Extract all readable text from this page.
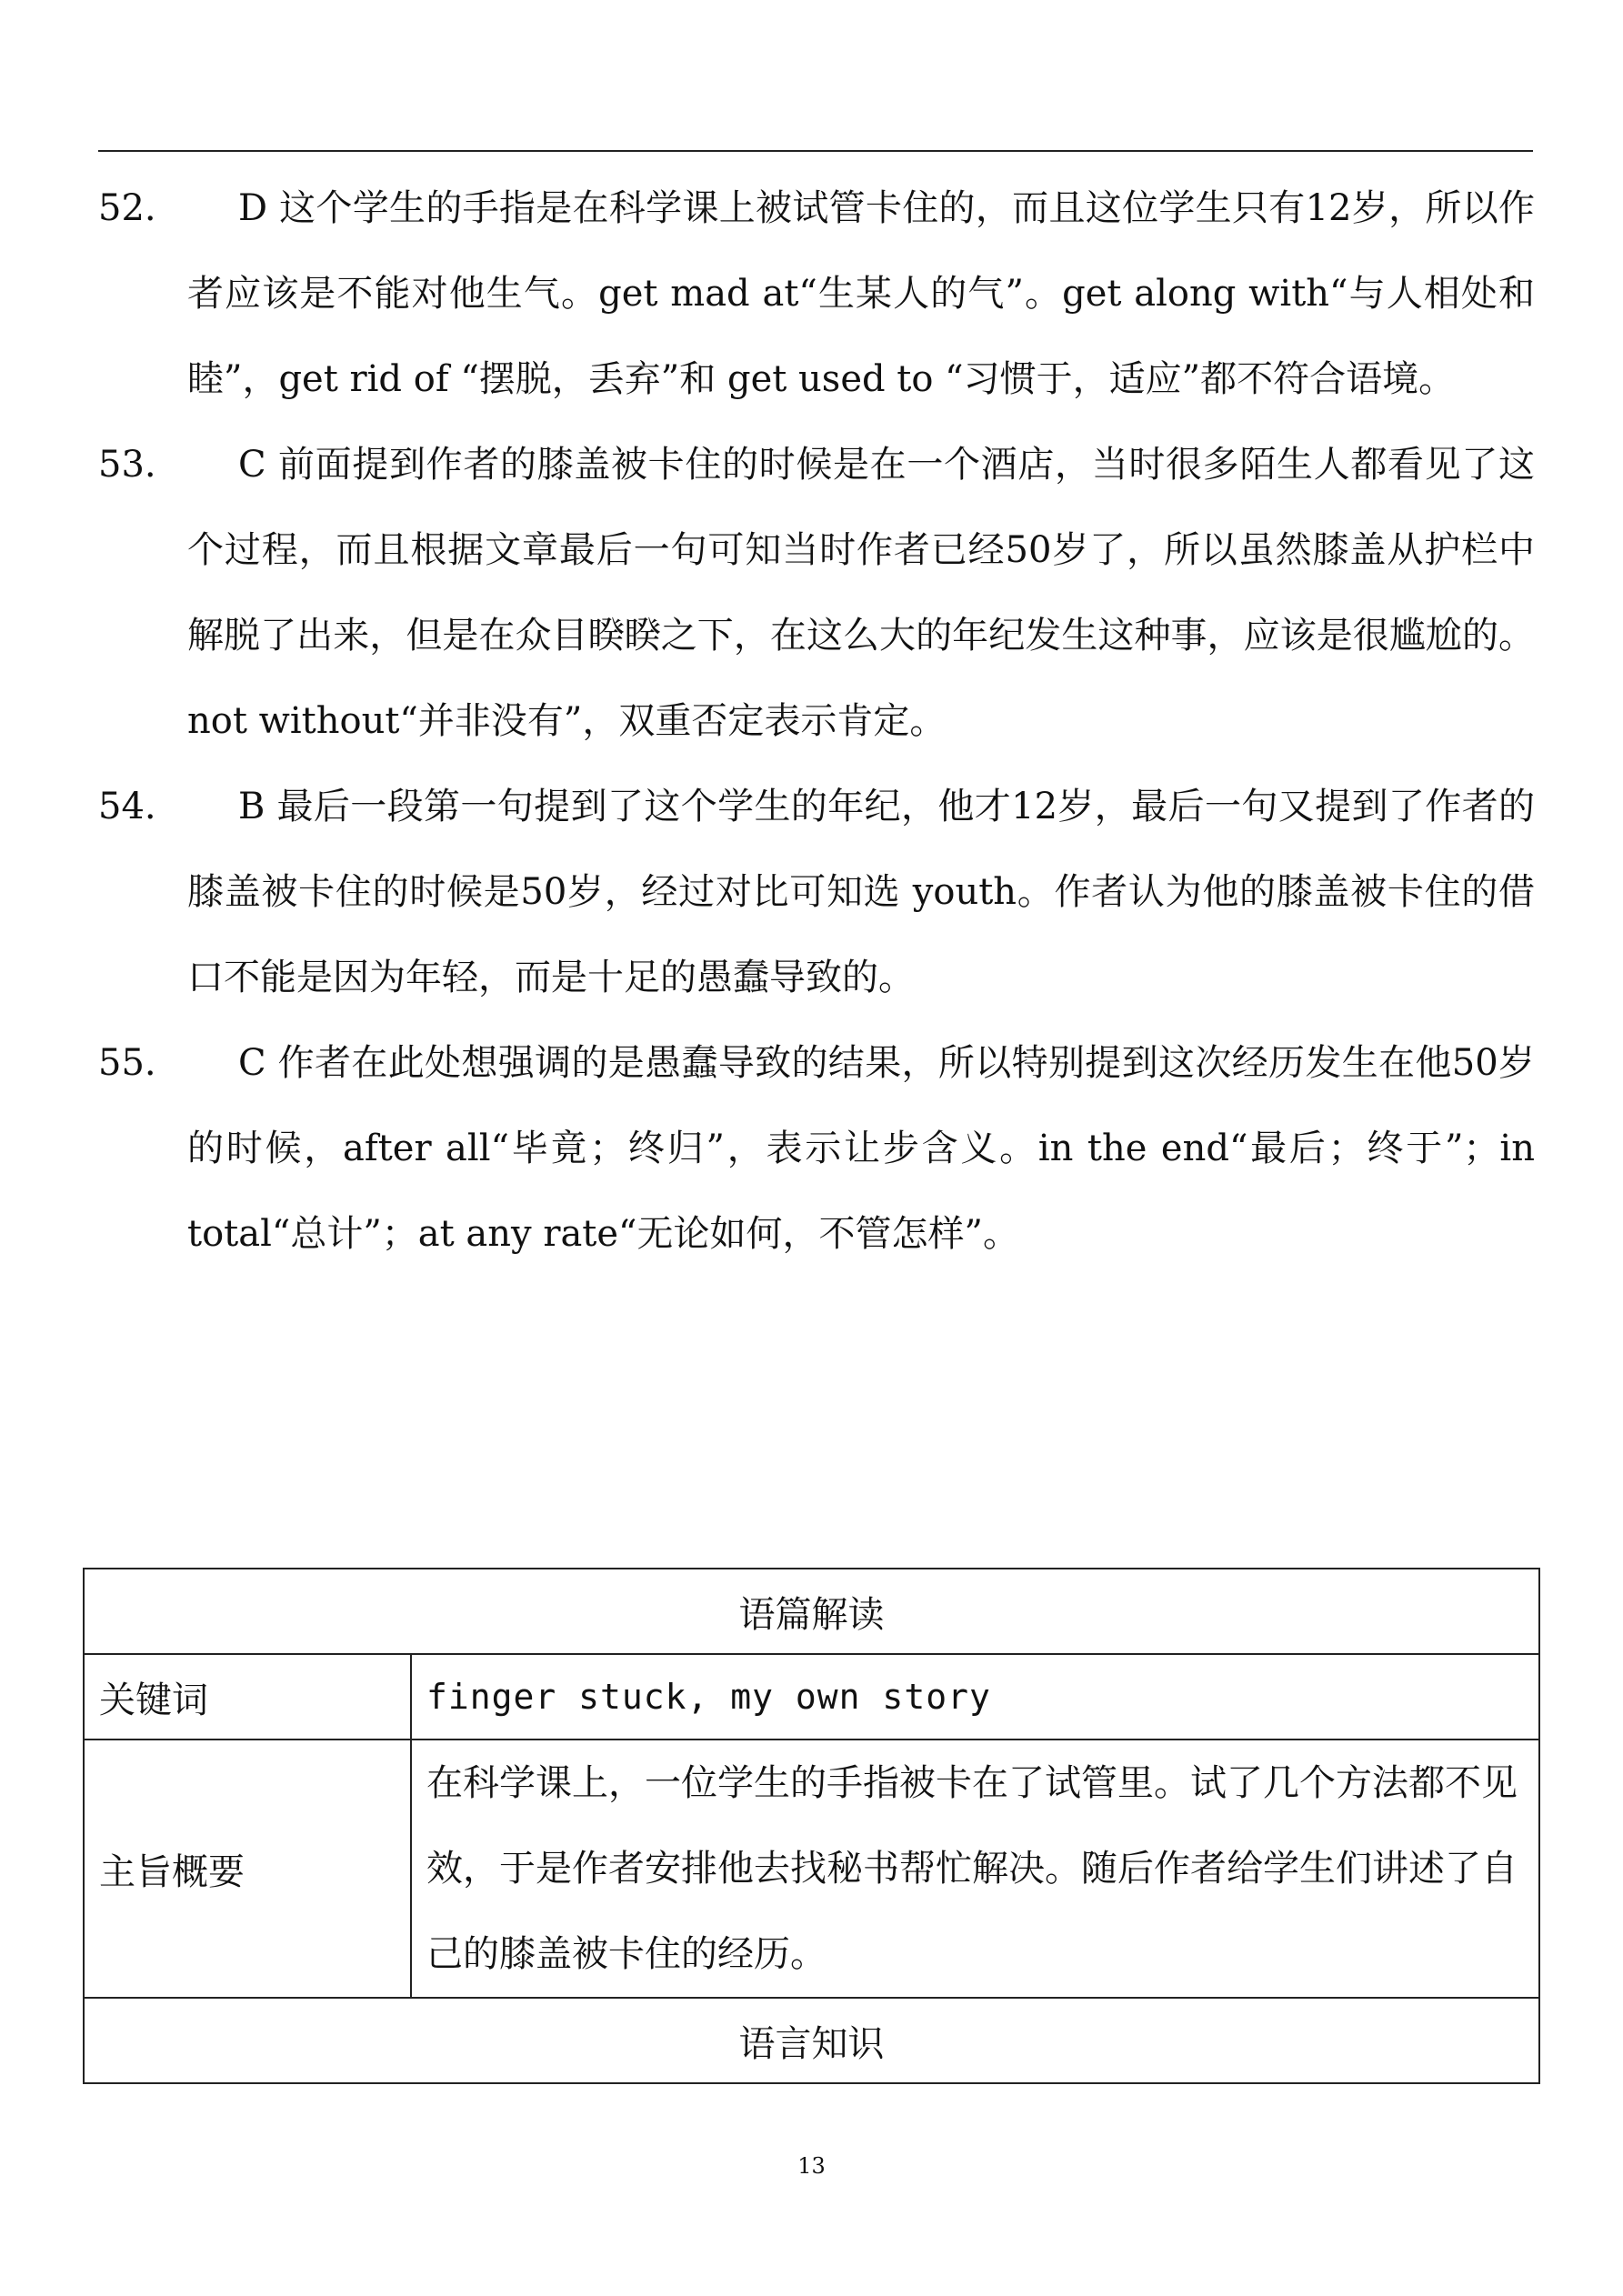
52.	D 这个学生的手指是在科学课上被试管卡住的，而且这位学生只有12岁，所以作者应该是不能对他生气。get mad at“生某人的气”。get along with“与人相处和睦”，get rid of “摆脱，丢弃”和 get used to “习惯于，适应”都不符合语境。
53.	C 前面提到作者的膝盖被卡住的时候是在一个酒店，当时很多陌生人都看见了这个过程，而且根据文章最后一句可知当时作者已经50岁了，所以虽然膝盖从护栏中解脱了出来，但是在众目睽睽之下，在这么大的年纪发生这种事，应该是很尴尬的。not without“并非没有”，双重否定表示肯定。
54.	B 最后一段第一句提到了这个学生的年纪，他才12岁，最后一句又提到了作者的膝盖被卡住的时候是50岁，经过对比可知选 youth。作者认为他的膝盖被卡住的借口不能是因为年轻，而是十足的愚蠢导致的。
55.	C 作者在此处想强调的是愚蠢导致的结果，所以特别提到这次经历发生在他50岁的时候，after all“毕竟；终归”，表示让步含义。in the end“最后；终于”；in total“总计”；at any rate“无论如何，不管怎样”。
语篇解读	
关键词	finger stuck, my own story
主旨概要	在科学课上，一位学生的手指被卡在了试管里。试了几个方法都不见效，于是作者安排他去找秘书帮忙解决。随后作者给学生们讲述了自己的膝盖被卡住的经历。
语言知识	
13
